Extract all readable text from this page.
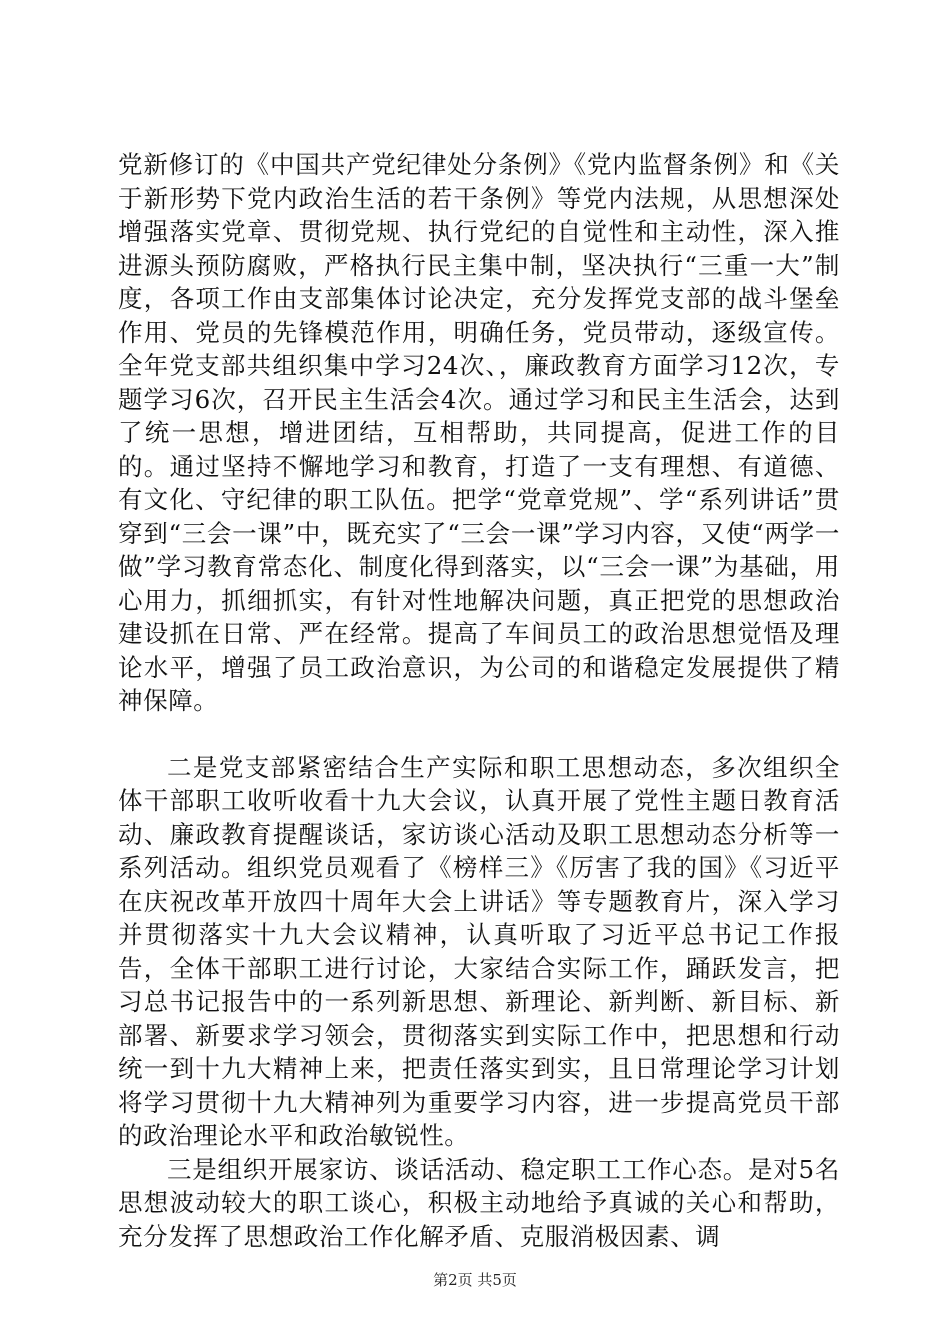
党新修订的《中国共产党纪律处分条例》《党内监督条例》和《关于新形势下党内政治生活的若干条例》等党内法规，从思想深处增强落实党章、贯彻党规、执行党纪的自觉性和主动性，深入推进源头预防腐败，严格执行民主集中制，坚决执行“三重一大”制度，各项工作由支部集体讨论决定，充分发挥党支部的战斗堡垒作用、党员的先锋模范作用，明确任务，党员带动，逐级宣传。全年党支部共组织集中学习24次、，廉政教育方面学习12次，专题学习6次，召开民主生活会4次。通过学习和民主生活会，达到了统一思想，增进团结，互相帮助，共同提高，促进工作的目的。通过坚持不懈地学习和教育，打造了一支有理想、有道德、有文化、守纪律的职工队伍。把学“党章党规”、学“系列讲话”贯穿到“三会一课”中，既充实了“三会一课”学习内容，又使“两学一做”学习教育常态化、制度化得到落实，以“三会一课”为基础，用心用力，抓细抓实，有针对性地解决问题，真正把党的思想政治建设抓在日常、严在经常。提高了车间员工的政治思想觉悟及理论水平，增强了员工政治意识，为公司的和谐稳定发展提供了精神保障。

二是党支部紧密结合生产实际和职工思想动态，多次组织全体干部职工收听收看十九大会议，认真开展了党性主题日教育活动、廉政教育提醒谈话，家访谈心活动及职工思想动态分析等一系列活动。组织党员观看了《榜样三》《厉害了我的国》《习近平在庆祝改革开放四十周年大会上讲话》等专题教育片，深入学习并贯彻落实十九大会议精神，认真听取了习近平总书记工作报告，全体干部职工进行讨论，大家结合实际工作，踊跃发言，把习总书记报告中的一系列新思想、新理论、新判断、新目标、新部署、新要求学习领会，贯彻落实到实际工作中，把思想和行动统一到十九大精神上来，把责任落实到实，且日常理论学习计划将学习贯彻十九大精神列为重要学习内容，进一步提高党员干部的政治理论水平和政治敏锐性。

三是组织开展家访、谈话活动、稳定职工工作心态。是对5名思想波动较大的职工谈心，积极主动地给予真诚的关心和帮助，充分发挥了思想政治工作化解矛盾、克服消极因素、调

第2页 共5页
